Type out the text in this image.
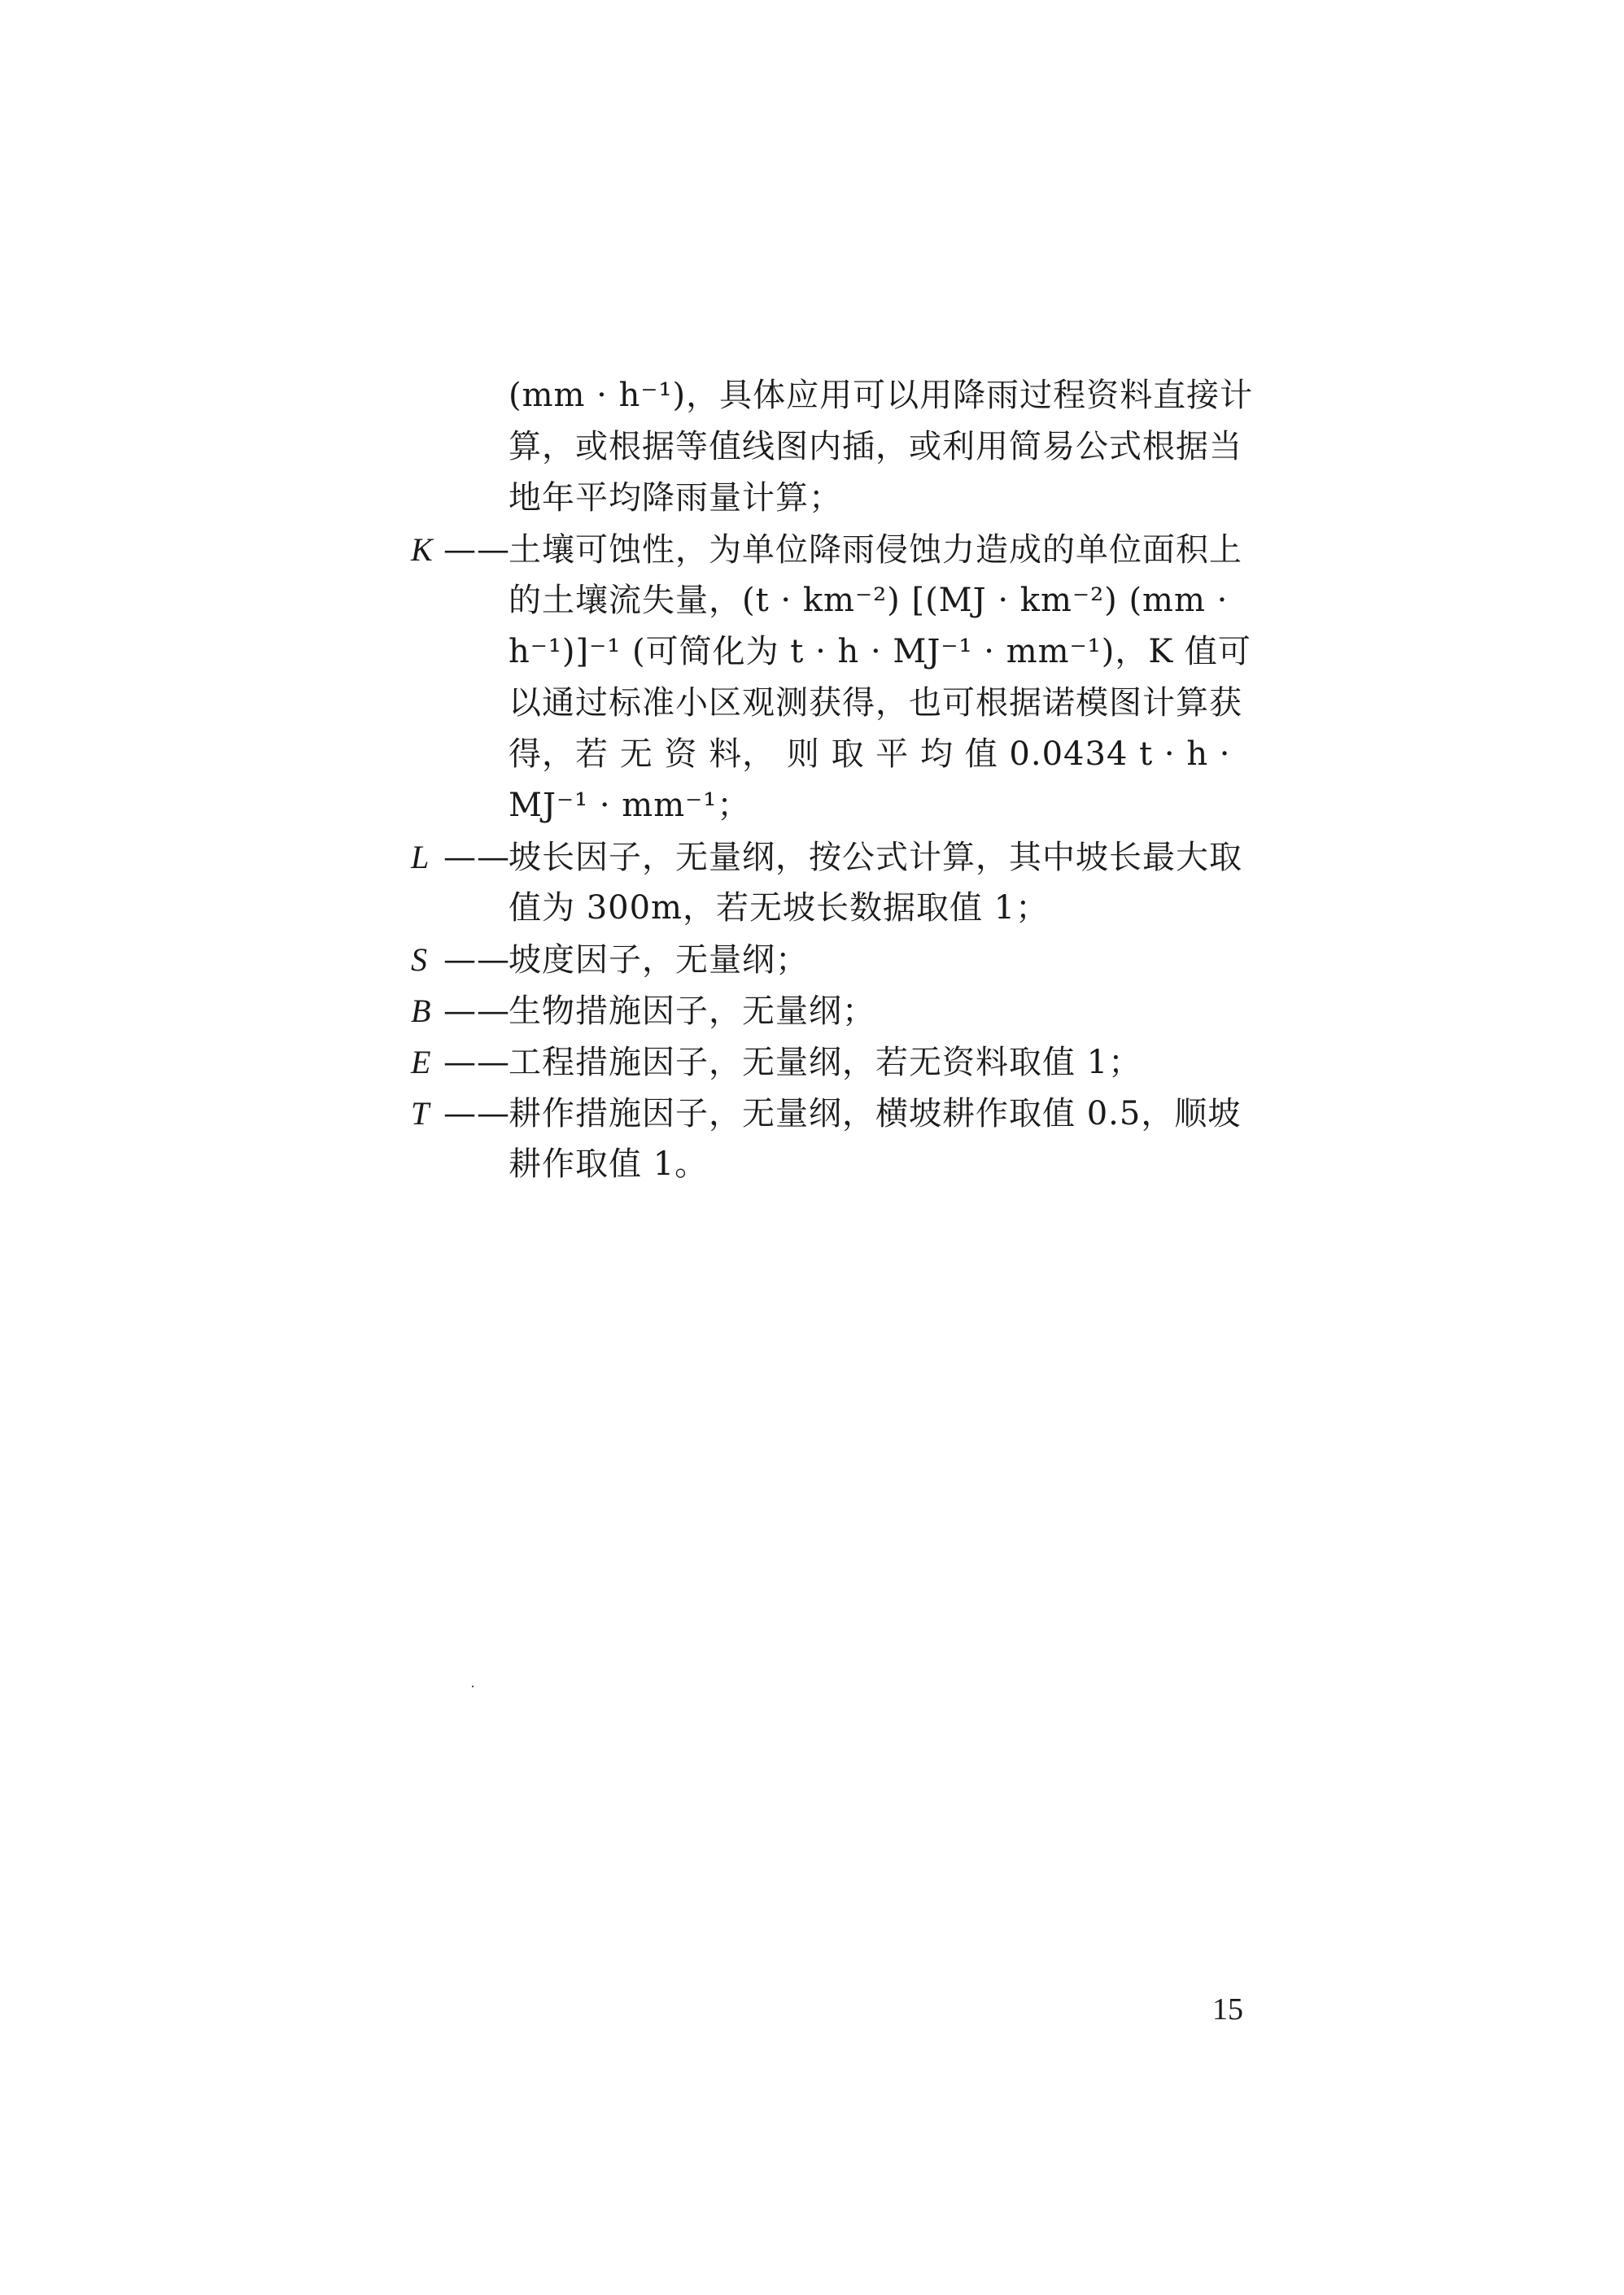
(mm · h⁻¹)，具体应用可以用降雨过程资料直接计
算，或根据等值线图内插，或利用简易公式根据当
地年平均降雨量计算；
K ——土壤可蚀性，为单位降雨侵蚀力造成的单位面积上
的土壤流失量，(t · km⁻²) [(MJ · km⁻²) (mm ·
h⁻¹)]⁻¹ (可简化为 t · h · MJ⁻¹ · mm⁻¹)，K 值可
以通过标准小区观测获得，也可根据诺模图计算获
得，若 无 资 料， 则 取 平 均 值 0.0434 t · h ·
MJ⁻¹ · mm⁻¹；
L ——坡长因子，无量纲，按公式计算，其中坡长最大取
值为 300m，若无坡长数据取值 1；
S ——坡度因子，无量纲；
B ——生物措施因子，无量纲；
E ——工程措施因子，无量纲，若无资料取值 1；
T ——耕作措施因子，无量纲，横坡耕作取值 0.5，顺坡
耕作取值 1。
15
